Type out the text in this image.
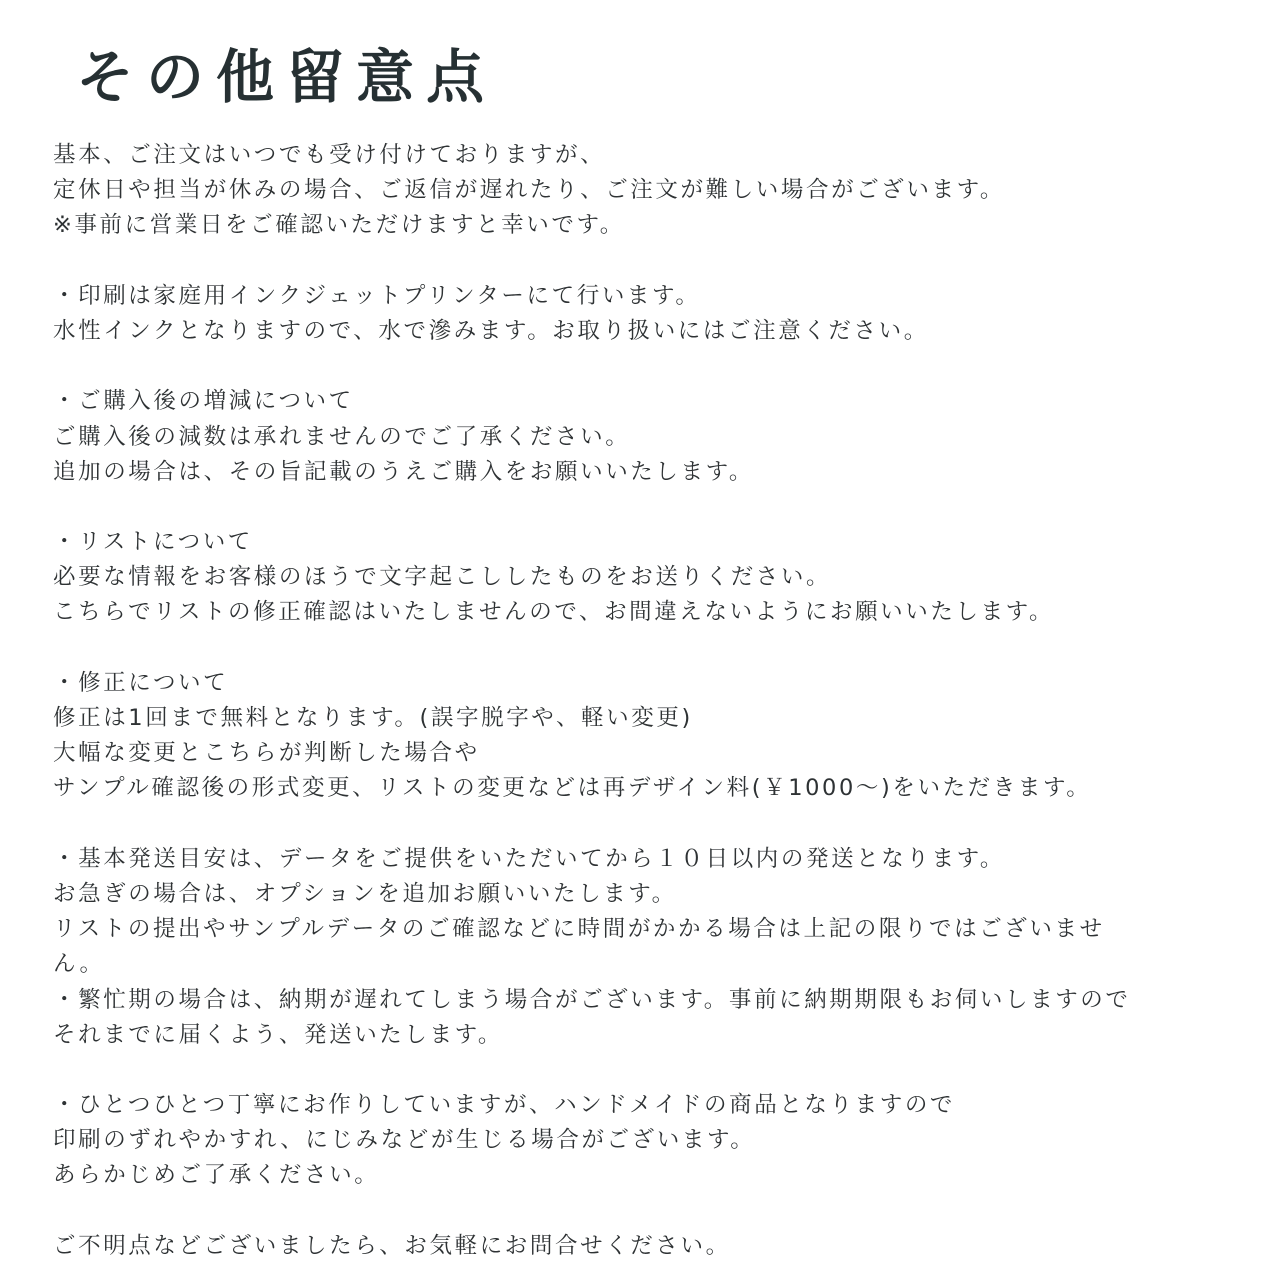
その他留意点
基本、ご注文はいつでも受け付けておりますが、
定休日や担当が休みの場合、ご返信が遅れたり、ご注文が難しい場合がございます。
※事前に営業日をご確認いただけますと幸いです。
・印刷は家庭用インクジェットプリンターにて行います。
水性インクとなりますので、水で滲みます。お取り扱いにはご注意ください。
・ご購入後の増減について
ご購入後の減数は承れませんのでご了承ください。
追加の場合は、その旨記載のうえご購入をお願いいたします。
・リストについて
必要な情報をお客様のほうで文字起こししたものをお送りください。
こちらでリストの修正確認はいたしませんので、お間違えないようにお願いいたします。
・修正について
修正は1回まで無料となります。(誤字脱字や、軽い変更)
大幅な変更とこちらが判断した場合や
サンプル確認後の形式変更、リストの変更などは再デザイン料(￥1000〜)をいただきます。
・基本発送目安は、データをご提供をいただいてから１０日以内の発送となります。
お急ぎの場合は、オプションを追加お願いいたします。
リストの提出やサンプルデータのご確認などに時間がかかる場合は上記の限りではございませ
ん。
・繁忙期の場合は、納期が遅れてしまう場合がございます。事前に納期期限もお伺いしますので
それまでに届くよう、発送いたします。
・ひとつひとつ丁寧にお作りしていますが、ハンドメイドの商品となりますので
印刷のずれやかすれ、にじみなどが生じる場合がございます。
あらかじめご了承ください。
ご不明点などございましたら、お気軽にお問合せください。
